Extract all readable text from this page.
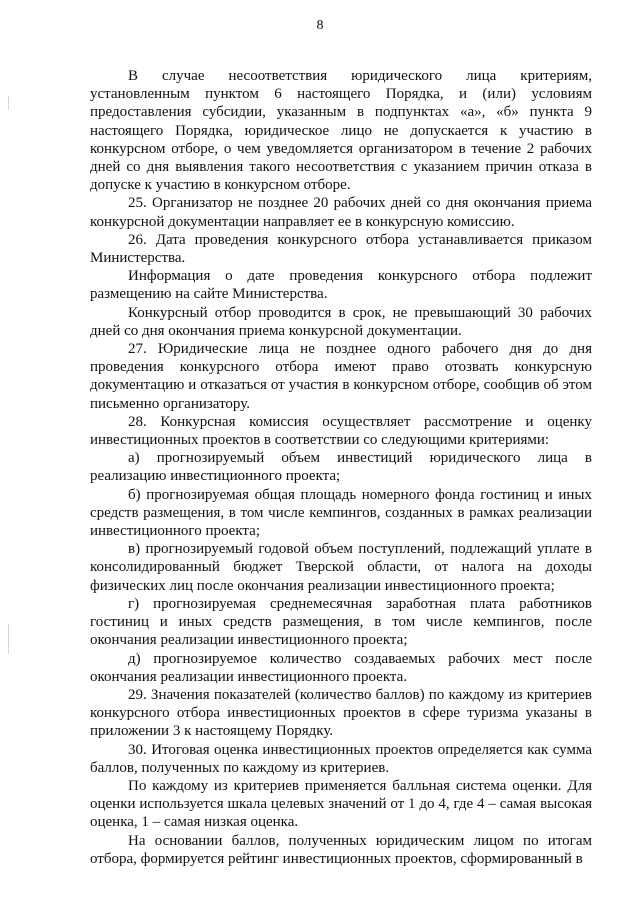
8

В случае несоответствия юридического лица критериям, установленным пунктом 6 настоящего Порядка, и (или) условиям предоставления субсидии, указанным в подпунктах «а», «б» пункта 9 настоящего Порядка, юридическое лицо не допускается к участию в конкурсном отборе, о чем уведомляется организатором в течение 2 рабочих дней со дня выявления такого несоответствия с указанием причин отказа в допуске к участию в конкурсном отборе.

25. Организатор не позднее 20 рабочих дней со дня окончания приема конкурсной документации направляет ее в конкурсную комиссию.

26. Дата проведения конкурсного отбора устанавливается приказом Министерства.

Информация о дате проведения конкурсного отбора подлежит размещению на сайте Министерства.

Конкурсный отбор проводится в срок, не превышающий 30 рабочих дней со дня окончания приема конкурсной документации.

27. Юридические лица не позднее одного рабочего дня до дня проведения конкурсного отбора имеют право отозвать конкурсную документацию и отказаться от участия в конкурсном отборе, сообщив об этом письменно организатору.

28. Конкурсная комиссия осуществляет рассмотрение и оценку инвестиционных проектов в соответствии со следующими критериями:

а) прогнозируемый объем инвестиций юридического лица в реализацию инвестиционного проекта;

б) прогнозируемая общая площадь номерного фонда гостиниц и иных средств размещения, в том числе кемпингов, созданных в рамках реализации инвестиционного проекта;

в) прогнозируемый годовой объем поступлений, подлежащий уплате в консолидированный бюджет Тверской области, от налога на доходы физических лиц после окончания реализации инвестиционного проекта;

г) прогнозируемая среднемесячная заработная плата работников гостиниц и иных средств размещения, в том числе кемпингов, после окончания реализации инвестиционного проекта;

д) прогнозируемое количество создаваемых рабочих мест после окончания реализации инвестиционного проекта.

29. Значения показателей (количество баллов) по каждому из критериев конкурсного отбора инвестиционных проектов в сфере туризма указаны в приложении 3 к настоящему Порядку.

30. Итоговая оценка инвестиционных проектов определяется как сумма баллов, полученных по каждому из критериев.

По каждому из критериев применяется балльная система оценки. Для оценки используется шкала целевых значений от 1 до 4, где 4 – самая высокая оценка, 1 – самая низкая оценка.

На основании баллов, полученных юридическим лицом по итогам отбора, формируется рейтинг инвестиционных проектов, сформированный в
